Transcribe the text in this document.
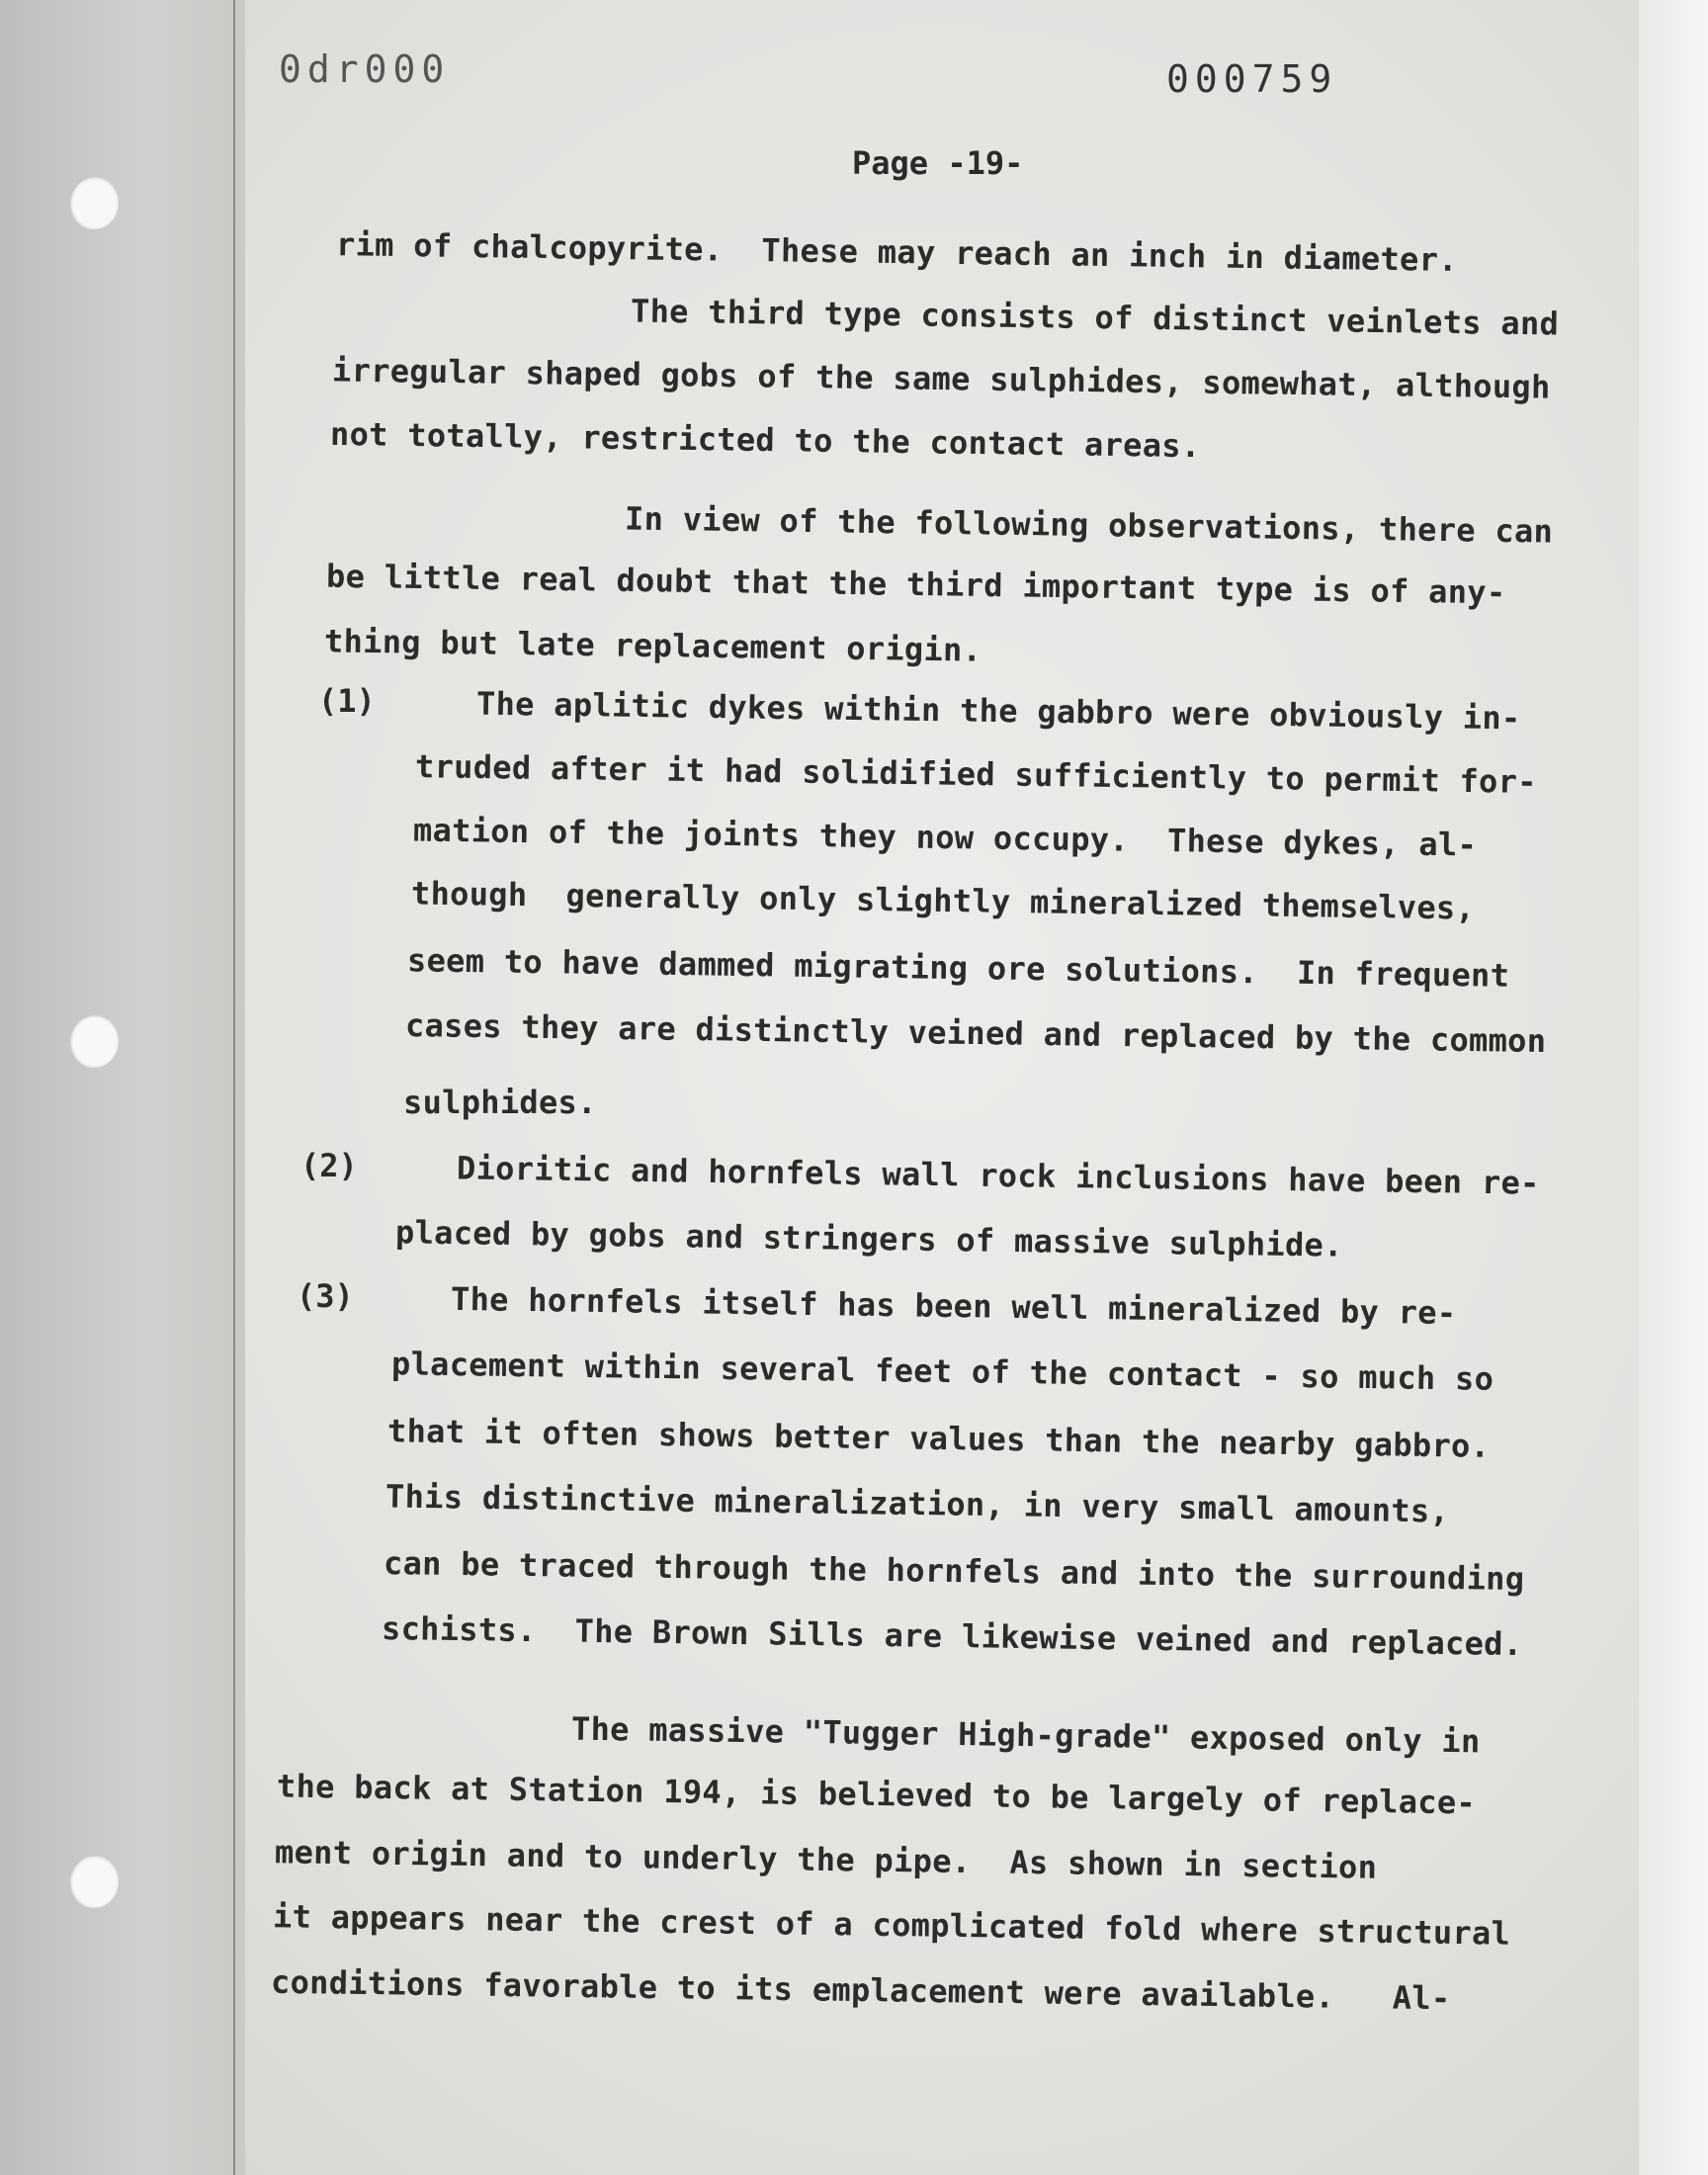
0dr000	000759
Page -19-
rim of chalcopyrite.  These may reach an inch in diameter.
The third type consists of distinct veinlets and
irregular shaped gobs of the same sulphides, somewhat, although
not totally, restricted to the contact areas.
In view of the following observations, there can
be little real doubt that the third important type is of any-
thing but late replacement origin.
(1)	The aplitic dykes within the gabbro were obviously in-
truded after it had solidified sufficiently to permit for-
mation of the joints they now occupy.  These dykes, al-
though  generally only slightly mineralized themselves,
seem to have dammed migrating ore solutions.  In frequent
cases they are distinctly veined and replaced by the common
sulphides.
(2)	Dioritic and hornfels wall rock inclusions have been re-
placed by gobs and stringers of massive sulphide.
(3)	The hornfels itself has been well mineralized by re-
placement within several feet of the contact - so much so
that it often shows better values than the nearby gabbro.
This distinctive mineralization, in very small amounts,
can be traced through the hornfels and into the surrounding
schists.  The Brown Sills are likewise veined and replaced.
The massive "Tugger High-grade" exposed only in
the back at Station 194, is believed to be largely of replace-
ment origin and to underly the pipe.  As shown in section
it appears near the crest of a complicated fold where structural
conditions favorable to its emplacement were available.   Al-
